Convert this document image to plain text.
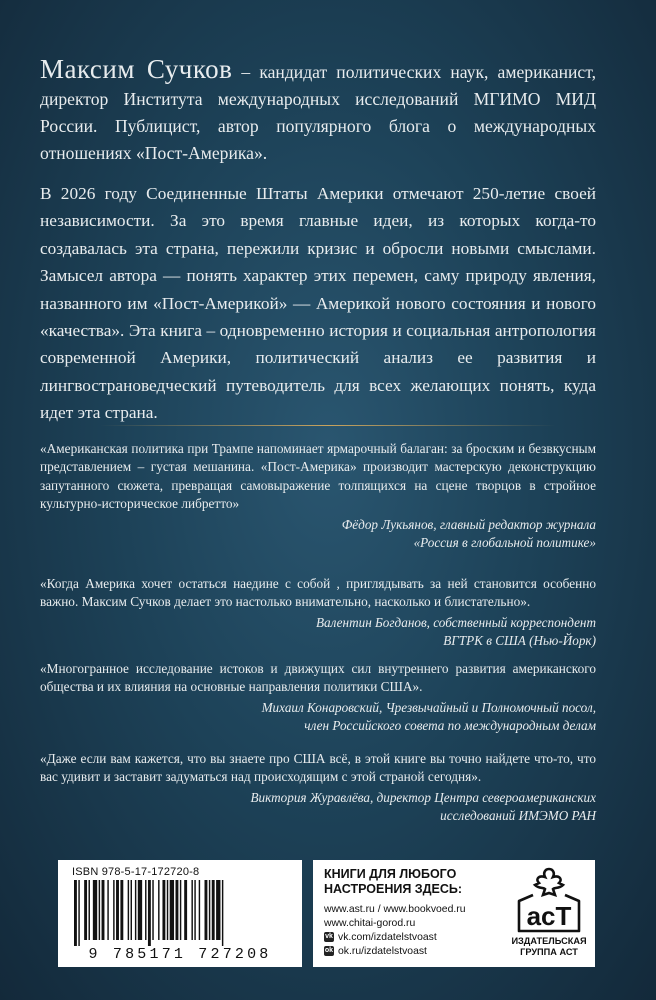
Максим Сучков – кандидат политических наук, американист, директор Института международных исследований МГИМО МИД России. Публицист, автор популярного блога о международных отношениях «Пост-Америка».
В 2026 году Соединенные Штаты Америки отмечают 250-летие своей независимости. За это время главные идеи, из которых когда-то создавалась эта страна, пережили кризис и обросли новыми смыслами. Замысел автора — понять характер этих перемен, саму природу явления, названного им «Пост-Америкой» — Америкой нового состояния и нового «качества». Эта книга – одновременно история и социальная антропология современной Америки, политический анализ ее развития и лингвострановедческий путеводитель для всех желающих понять, куда идет эта страна.

«Американская политика при Трампе напоминает ярмарочный балаган: за броским и безвкусным представлением – густая мешанина. «Пост-Америка» производит мастерскую деконструкцию запутанного сюжета, превращая самовыражение толпящихся на сцене творцов в стройное культурно-историческое либретто»

Фёдор Лукьянов, главный редактор журнала
«Россия в глобальной политике»

«Когда Америка хочет остаться наедине с собой , приглядывать за ней становится особенно важно. Максим Сучков делает это настолько внимательно, насколько и блистательно».

Валентин Богданов, собственный корреспондент
ВГТРК в США (Нью-Йорк)

«Многогранное исследование истоков и движущих сил внутреннего развития американского общества и их влияния на основные направления политики США».

Михаил Конаровский, Чрезвычайный и Полномочный посол,
член Российского совета по международным делам

«Даже если вам кажется, что вы знаете про США всё, в этой книге вы точно найдете что-то, что вас удивит и заставит задуматься над происходящим с этой страной сегодня».

Виктория Журавлёва, директор Центра североамериканских
исследований ИМЭМО РАН

ISBN 978-5-17-172720-8
9 785171 727208
КНИГИ ДЛЯ ЛЮБОГО
НАСТРОЕНИЯ ЗДЕСЬ:
www.ast.ru / www.bookvoed.ru
www.chitai-gorod.ru
vk vk.com/izdatelstvoast
ok ok.ru/izdatelstvoast
acT
ИЗДАТЕЛЬСКАЯ
ГРУППА АСТ
